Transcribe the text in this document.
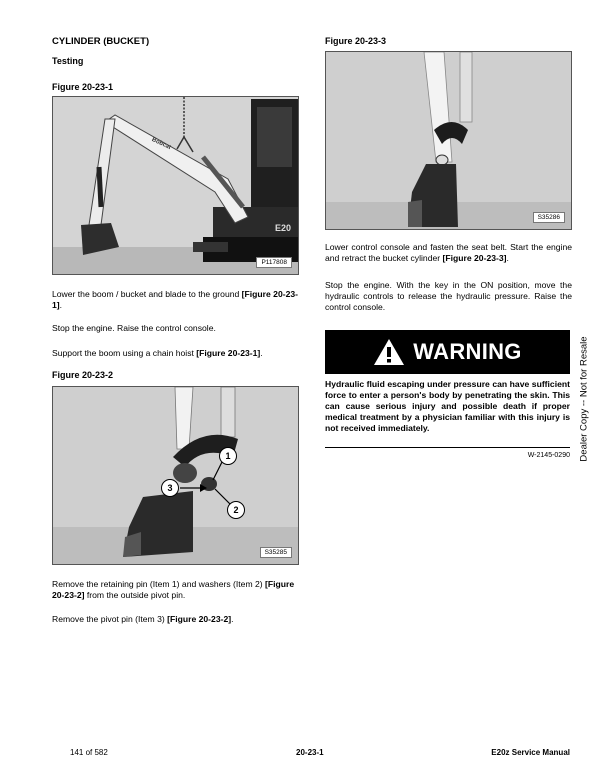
CYLINDER (BUCKET)
Testing
Figure 20-23-1
Bobcat
E20
P117808
Lower the boom / bucket and blade to the ground [Figure 20-23-1].
Stop the engine. Raise the control console.
Support the boom using a chain hoist [Figure 20-23-1].
Figure 20-23-2
1
2
3
S35285
Remove the retaining pin (Item 1) and washers (Item 2) [Figure 20-23-2] from the outside pivot pin.
Remove the pivot pin (Item 3) [Figure 20-23-2].
Figure 20-23-3
S35286
Lower control console and fasten the seat belt. Start the engine and retract the bucket cylinder [Figure 20-23-3].
Stop the engine. With the key in the ON position, move the hydraulic controls to release the hydraulic pressure. Raise the control console.
WARNING
Hydraulic fluid escaping under pressure can have sufficient force to enter a person's body by penetrating the skin. This can cause serious injury and possible death if proper medical treatment by a physician familiar with this injury is not received immediately.
W-2145-0290 Dealer Copy -- Not for Resale
141 of 582	20-23-1	E20z Service Manual
